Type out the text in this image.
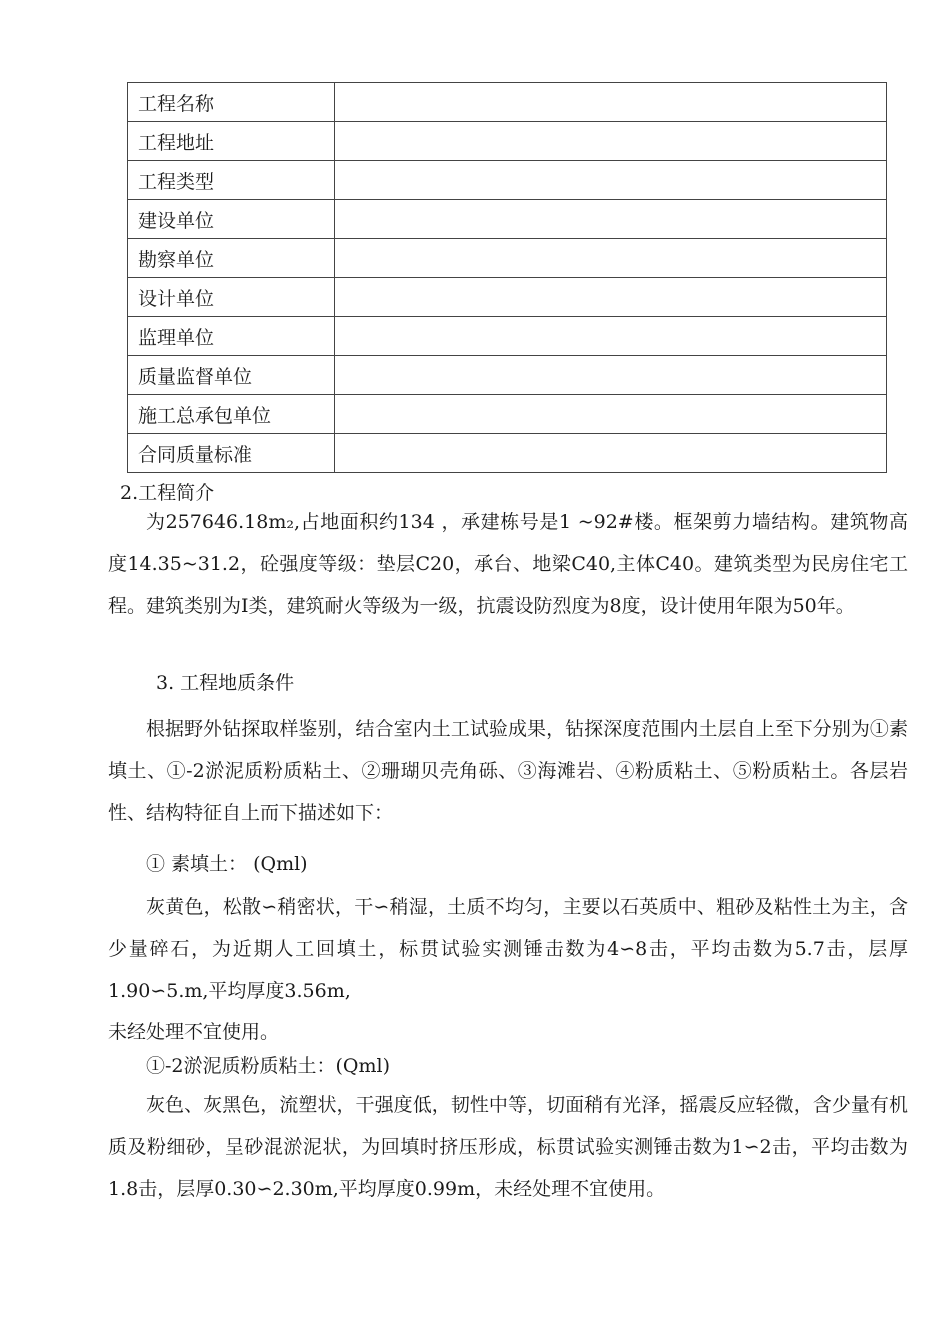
工程名称	
工程地址	
工程类型	
建设单位	
勘察单位	
设计单位	
监理单位	
质量监督单位	
施工总承包单位	
合同质量标准	
2.工程简介

为257646.18m₂,占地面积约134 ，承建栋号是1 ~92#楼。框架剪力墙结构。建筑物高度14.35~31.2，砼强度等级：垫层C20，承台、地梁C40,主体C40。建筑类型为民房住宅工程。建筑类别为Ⅰ类，建筑耐火等级为一级，抗震设防烈度为8度，设计使用年限为50年。

3. 工程地质条件

根据野外钻探取样鉴别，结合室内土工试验成果，钻探深度范围内土层自上至下分别为①素填土、①-2淤泥质粉质粘土、②珊瑚贝壳角砾、③海滩岩、④粉质粘土、⑤粉质粘土。各层岩性、结构特征自上而下描述如下：

① 素填土： (Qml)

灰黄色，松散∽稍密状，干∽稍湿，土质不均匀，主要以石英质中、粗砂及粘性土为主，含少量碎石，为近期人工回填土，标贯试验实测锤击数为4∽8击，平均击数为5.7击，层厚1.90∽5.m,平均厚度3.56m,

未经处理不宜使用。
①-2淤泥质粉质粘土：(Qml)

灰色、灰黑色，流塑状，干强度低，韧性中等，切面稍有光泽，摇震反应轻微，含少量有机质及粉细砂，呈砂混淤泥状，为回填时挤压形成，标贯试验实测锤击数为1∽2击，平均击数为1.8击，层厚0.30∽2.30m,平均厚度0.99m，未经处理不宜使用。
